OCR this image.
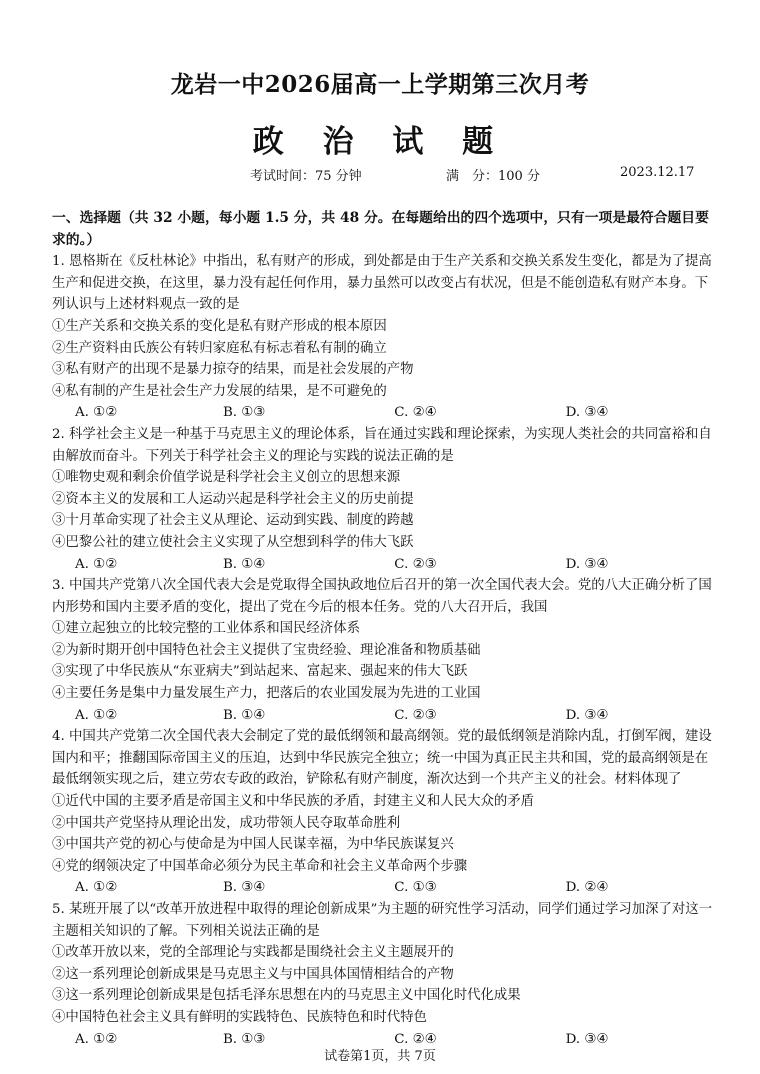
龙岩一中2026届高一上学期第三次月考
政 治 试 题
考试时间：75 分钟	满　分：100 分	2023.12.17
一、选择题（共 32 小题，每小题 1.5 分，共 48 分。在每题给出的四个选项中，只有一项是最符合题目要求的。）

1. 恩格斯在《反杜林论》中指出，私有财产的形成，到处都是由于生产关系和交换关系发生变化，都是为了提高生产和促进交换，在这里，暴力没有起任何作用，暴力虽然可以改变占有状况，但是不能创造私有财产本身。下列认识与上述材料观点一致的是

①生产关系和交换关系的变化是私有财产形成的根本原因

②生产资料由氏族公有转归家庭私有标志着私有制的确立

③私有财产的出现不是暴力掠夺的结果，而是社会发展的产物

④私有制的产生是社会生产力发展的结果，是不可避免的

A. ①②	B. ①③	C. ②④	D. ③④

2. 科学社会主义是一种基于马克思主义的理论体系，旨在通过实践和理论探索，为实现人类社会的共同富裕和自由解放而奋斗。下列关于科学社会主义的理论与实践的说法正确的是

①唯物史观和剩余价值学说是科学社会主义创立的思想来源

②资本主义的发展和工人运动兴起是科学社会主义的历史前提

③十月革命实现了社会主义从理论、运动到实践、制度的跨越

④巴黎公社的建立使社会主义实现了从空想到科学的伟大飞跃

A. ①②	B. ①④	C. ②③	D. ③④

3. 中国共产党第八次全国代表大会是党取得全国执政地位后召开的第一次全国代表大会。党的八大正确分析了国内形势和国内主要矛盾的变化，提出了党在今后的根本任务。党的八大召开后，我国

①建立起独立的比较完整的工业体系和国民经济体系

②为新时期开创中国特色社会主义提供了宝贵经验、理论准备和物质基础

③实现了中华民族从“东亚病夫”到站起来、富起来、强起来的伟大飞跃

④主要任务是集中力量发展生产力，把落后的农业国发展为先进的工业国

A. ①②	B. ①④	C. ②③	D. ③④

4. 中国共产党第二次全国代表大会制定了党的最低纲领和最高纲领。党的最低纲领是消除内乱，打倒军阀，建设国内和平；推翻国际帝国主义的压迫，达到中华民族完全独立；统一中国为真正民主共和国，党的最高纲领是在最低纲领实现之后，建立劳农专政的政治，铲除私有财产制度，渐次达到一个共产主义的社会。材料体现了

①近代中国的主要矛盾是帝国主义和中华民族的矛盾，封建主义和人民大众的矛盾

②中国共产党坚持从理论出发，成功带领人民夺取革命胜利

③中国共产党的初心与使命是为中国人民谋幸福，为中华民族谋复兴

④党的纲领决定了中国革命必须分为民主革命和社会主义革命两个步骤

A. ①②	B. ③④	C. ①③	D. ②④

5. 某班开展了以“改革开放进程中取得的理论创新成果”为主题的研究性学习活动，同学们通过学习加深了对这一主题相关知识的了解。下列相关说法正确的是

①改革开放以来，党的全部理论与实践都是围绕社会主义主题展开的

②这一系列理论创新成果是马克思主义与中国具体国情相结合的产物

③这一系列理论创新成果是包括毛泽东思想在内的马克思主义中国化时代化成果

④中国特色社会主义具有鲜明的实践特色、民族特色和时代特色

A. ①②	B. ①③	C. ②④	D. ③④
试卷第1页，共 7页
